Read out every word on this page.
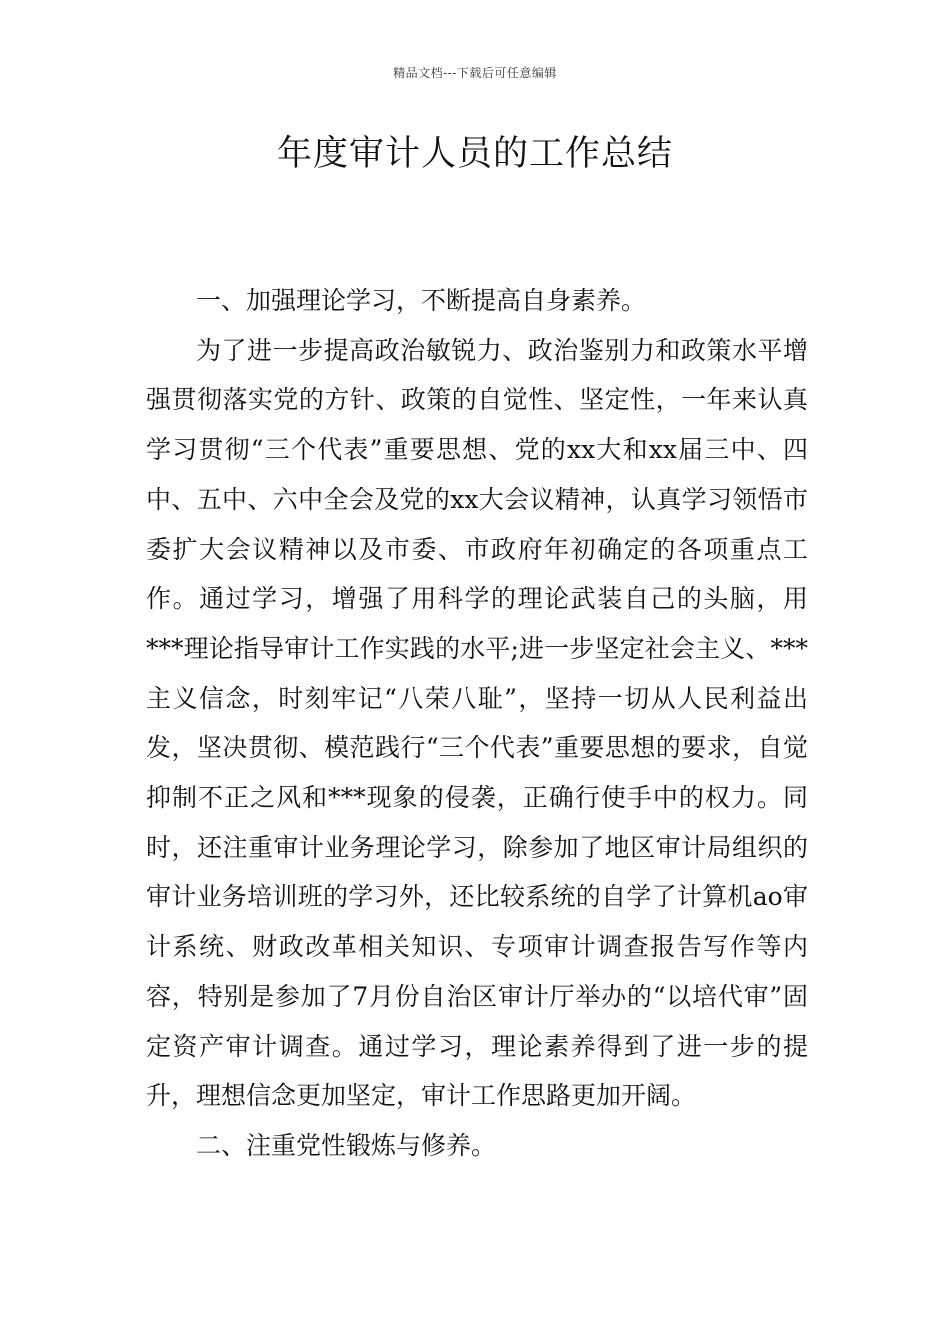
精品文档---下载后可任意编辑
年度审计人员的工作总结

一、加强理论学习，不断提高自身素养。

为了进一步提高政治敏锐力、政治鉴别力和政策水平增强贯彻落实党的方针、政策的自觉性、坚定性，一年来认真学习贯彻“三个代表”重要思想、党的xx大和xx届三中、四中、五中、六中全会及党的xx大会议精神，认真学习领悟市委扩大会议精神以及市委、市政府年初确定的各项重点工作。通过学习，增强了用科学的理论武装自己的头脑，用***理论指导审计工作实践的水平;进一步坚定社会主义、***主义信念，时刻牢记“八荣八耻”，坚持一切从人民利益出发，坚决贯彻、模范践行“三个代表”重要思想的要求，自觉抑制不正之风和***现象的侵袭，正确行使手中的权力。同时，还注重审计业务理论学习，除参加了地区审计局组织的审计业务培训班的学习外，还比较系统的自学了计算机ao审计系统、财政改革相关知识、专项审计调查报告写作等内容，特别是参加了7月份自治区审计厅举办的“以培代审”固定资产审计调查。通过学习，理论素养得到了进一步的提升，理想信念更加坚定，审计工作思路更加开阔。

二、注重党性锻炼与修养。
